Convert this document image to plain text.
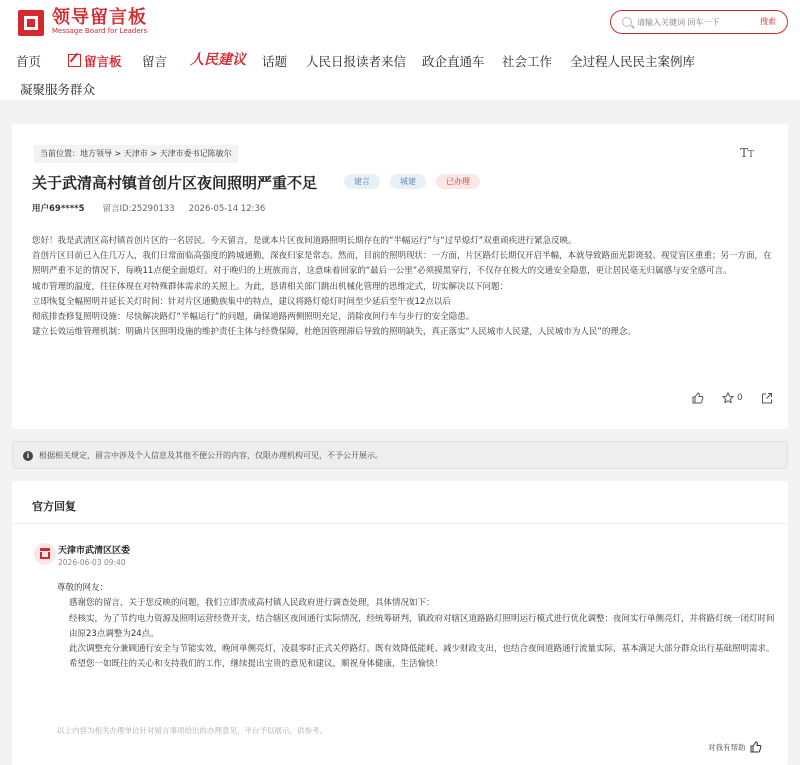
领导留言板
Message Board for Leaders
请输入关键词 回车一下
搜索
首页	留言板 留言 人民建议 话题 人民日报读者来信 政企直通车 社会工作 全过程人民民主案例库
凝聚服务群众
当前位置：地方领导 > 天津市 > 天津市委书记陈敏尔	TT
关于武清高村镇首创片区夜间照明严重不足	建言	城建	已办理
用户69****5 留言ID:25290133 2026-05-14 12:36

您好！我是武清区高村镇首创片区的一名居民。今天留言，是就本片区夜间道路照明长期存在的“半幅运行”与“过早熄灯”双重顽疾进行紧急反映。

首创片区目前已入住几万人，我们日常面临高强度的跨城通勤，深夜归家是常态。然而，目前的照明现状：一方面，片区路灯长期仅开启半幅，本就导致路面光影斑驳、视觉盲区重重；另一方面，在照明严重不足的情况下，每晚11点便全面熄灯。对于晚归的上班族而言，这意味着回家的“最后一公里”必须摸黑穿行，不仅存在极大的交通安全隐患，更让居民毫无归属感与安全感可言。

城市管理的温度，往往体现在对特殊群体需求的关照上。为此，恳请相关部门跳出机械化管理的思维定式，切实解决以下问题：

立即恢复全幅照明并延长关灯时间：针对片区通勤族集中的特点，建议将路灯熄灯时间至少延后至午夜12点以后

彻底排查修复照明设施：尽快解决路灯“半幅运行”的问题，确保道路两侧照明充足，消除夜间行车与步行的安全隐患。

建立长效运维管理机制：明确片区照明设施的维护责任主体与经费保障，杜绝因管理滞后导致的照明缺失，真正落实“人民城市人民建，人民城市为人民”的理念。

0
i	根据相关规定，留言中涉及个人信息及其他不便公开的内容，仅限办理机构可见，不予公开展示。
官方回复
天津市武清区区委
2026-06-03 09:40

尊敬的网友：

感谢您的留言，关于您反映的问题，我们立即责成高村镇人民政府进行调查处理，具体情况如下：

经核实，为了节约电力资源及照明运营经费开支，结合辖区夜间通行实际情况，经统筹研判，镇政府对辖区道路路灯照明运行模式进行优化调整：夜间实行单侧亮灯，并将路灯统一闭灯时间由原23点调整为24点。

此次调整充分兼顾通行安全与节能实效，晚间单侧亮灯，凌晨零时正式关停路灯。既有效降低能耗、减少财政支出，也结合夜间道路通行流量实际，基本满足大部分群众出行基础照明需求。

希望您一如既往的关心和支持我们的工作，继续提出宝贵的意见和建议，顺祝身体健康，生活愉快！

以上内容为相关办理单位针对留言事项给出的办理意见，平台予以展示，供参考。
对我有帮助
